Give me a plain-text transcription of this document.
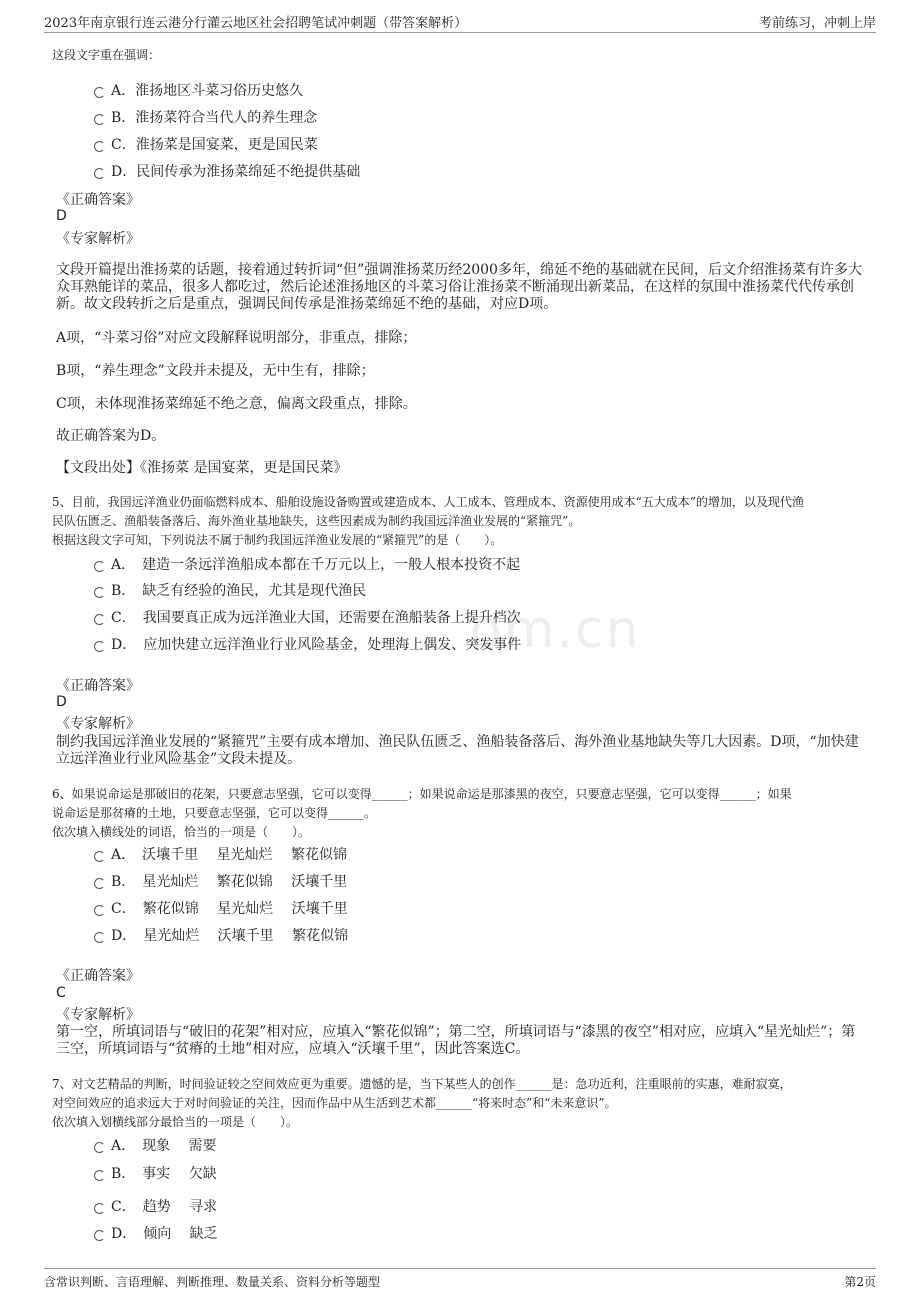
2023年南京银行连云港分行灌云地区社会招聘笔试冲刺题（带答案解析）	考前练习，冲刺上岸
om.cn
这段文字重在强调：
A．淮扬地区斗菜习俗历史悠久
B．淮扬菜符合当代人的养生理念
C．淮扬菜是国宴菜，更是国民菜
D．民间传承为淮扬菜绵延不绝提供基础
《正确答案》
D
《专家解析》
文段开篇提出淮扬菜的话题，接着通过转折词“但”强调淮扬菜历经2000多年，绵延不绝的基础就在民间，后文介绍淮扬菜有许多大众耳熟能详的菜品，很多人都吃过，然后论述淮扬地区的斗菜习俗让淮扬菜不断涌现出新菜品，在这样的氛围中淮扬菜代代传承创新。故文段转折之后是重点，强调民间传承是淮扬菜绵延不绝的基础，对应D项。
A项，“斗菜习俗”对应文段解释说明部分，非重点，排除；
B项，“养生理念”文段并未提及，无中生有，排除；
C项，未体现淮扬菜绵延不绝之意，偏离文段重点，排除。
故正确答案为D。
【文段出处】《淮扬菜 是国宴菜，更是国民菜》
5、目前，我国远洋渔业仍面临燃料成本、船舶设施设备购置或建造成本、人工成本、管理成本、资源使用成本“五大成本”的增加，以及现代渔
民队伍匮乏、渔船装备落后、海外渔业基地缺失，这些因素成为制约我国远洋渔业发展的“紧箍咒”。
根据这段文字可知，下列说法不属于制约我国远洋渔业发展的“紧箍咒”的是（　　）。
A．　建造一条远洋渔船成本都在千万元以上，一般人根本投资不起
B．　缺乏有经验的渔民，尤其是现代渔民
C．　我国要真正成为远洋渔业大国，还需要在渔船装备上提升档次
D．　应加快建立远洋渔业行业风险基金，处理海上偶发、突发事件
《正确答案》
D
《专家解析》
制约我国远洋渔业发展的“紧箍咒”主要有成本增加、渔民队伍匮乏、渔船装备落后、海外渔业基地缺失等几大因素。D项，“加快建立远洋渔业行业风险基金”文段未提及。
6、如果说命运是那破旧的花架，只要意志坚强，它可以变得______；如果说命运是那漆黑的夜空，只要意志坚强，它可以变得______；如果
说命运是那贫瘠的土地，只要意志坚强，它可以变得______。
依次填入横线处的词语，恰当的一项是（　　）。
A．　沃壤千里　 星光灿烂　 繁花似锦
B．　星光灿烂　 繁花似锦　 沃壤千里
C．　繁花似锦　 星光灿烂　 沃壤千里
D．　星光灿烂　 沃壤千里　 繁花似锦
《正确答案》
C
《专家解析》
第一空，所填词语与“破旧的花架”相对应，应填入“繁花似锦”；第二空，所填词语与“漆黑的夜空”相对应，应填入“星光灿烂”；第三空，所填词语与“贫瘠的土地”相对应，应填入“沃壤千里”，因此答案选C。
7、对文艺精品的判断，时间验证较之空间效应更为重要。遗憾的是，当下某些人的创作______是：急功近利，注重眼前的实惠，难耐寂寞，
对空间效应的追求远大于对时间验证的关注，因而作品中从生活到艺术都______“将来时态”和“未来意识”。
依次填入划横线部分最恰当的一项是（　　）。
A．　现象　 需要
B．　事实　 欠缺
C．　趋势　 寻求
D．　倾向　 缺乏
含常识判断、言语理解、判断推理、数量关系、资料分析等题型	第2页
